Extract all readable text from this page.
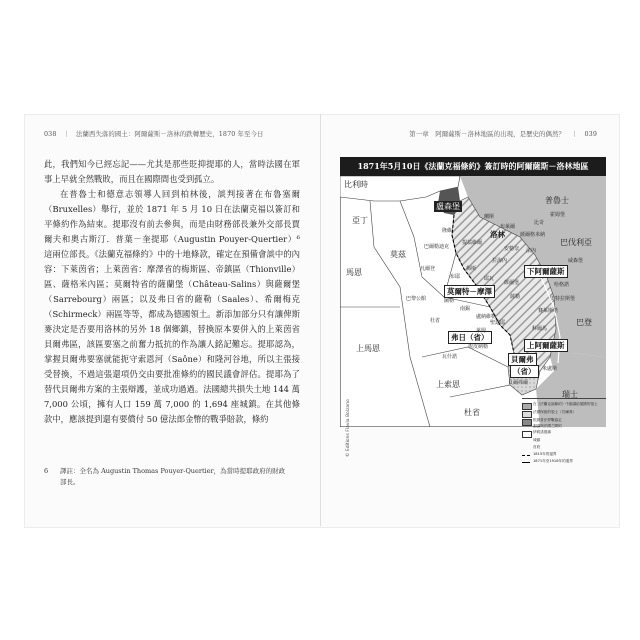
038　｜　法蘭西失落的國土：阿爾薩斯－洛林的跌轉歷史，1870 年至今日	第一章　阿爾薩斯－洛林地區的出現，是歷史的偶然？　｜　039

此，我們知今已經忘記——尤其是那些貶抑提耶的人，當時法國在軍事上早就全然戰敗，而且在國際間也受到孤立。

在普魯士和德意志領導人回到柏林後，談判接著在布魯塞爾（Bruxelles）舉行，並於 1871 年 5 月 10 日在法蘭克福以簽訂和平條約作為結束。提耶沒有前去參與，而是由財務部長兼外交部長賈爾夫和奧古斯汀．普葉－奎提耶（Augustin Pouyer-Quertier）⁶ 這兩位部長。《法蘭克福條約》中的十地條款，確定在預備會談中的內容：下萊茵省；上萊茵省：摩澤省的梅斯區、帝鎮區（Thionville）區、薩格米內區；莫爾特省的薩蘭堡（Château-Salins）與薩爾堡（Sarrebourg）兩區；以及弗日省的薩勒（Saales）、希爾梅克（Schirmeck）兩區等等，都成為德國領土。新添加部分只有讓俾斯麥決定是否要用洛林的另外 18 個鄉鎮，替換原本要併入的上萊茵省貝爾弗區，該區要塞之前奮力抵抗的作為讓人銘記難忘。提耶認為，掌握貝爾弗要塞就能扼守索恩河（Saône）和隆河谷地，所以主張接受替換，不過這張還項仍交由要批准條約的國民議會評估。提耶為了替代貝爾弗方案的主張辯護，並成功過過。法國總共損失土地 144 萬 7,000 公頃，擁有人口 159 萬 7,000 的 1,694 座城鎮。在其他條款中，應該提到還有要償付 50 億法郎金幣的戰爭賠款，條約

6 譯註：全名為 Augustin Thomas Pouyer-Quertier，為當時提耶政府的財政
部長。
1871年5月10日《法蘭克福條約》簽訂時的阿爾薩斯－洛林地區
比利時
盧森堡
普魯士
巴伐利亞
亞丁
馬恩
莫茲
上馬恩
上索恩
杜省
洛林
下阿爾薩斯
上阿爾薩斯
巴登
瑞士
莫爾特－摩澤
弗日（省）
貝爾弗
（省）
隆維
提翁維爾
梅斯
布耶
巴黎公館
蘭斯
布萊爾
南錫
盧納維勒
薩爾堡
拉海內
薩勒
安勒奈 法內
耶瓦
薩爾格米納
比奇
威森堡
哈格諾
史特拉斯堡
賽萊斯塔
科爾馬
米盧斯
貝爾弗爾
萊姆
埃皮納勒
聖迪耶
杜省
巴爾勒迪克
凡爾登
圖勒
瓦什諾
霍姆堡
在《法蘭克福條約》中割讓給德國的領土
法國保留的領土（貝爾弗）
根據普法停戰協定
割讓與法國之間的
伊莉諾德鎮
城鎮
首府
1815年的邊界
1871年至1918年的邊界
© Editions Flavia Bolzano
